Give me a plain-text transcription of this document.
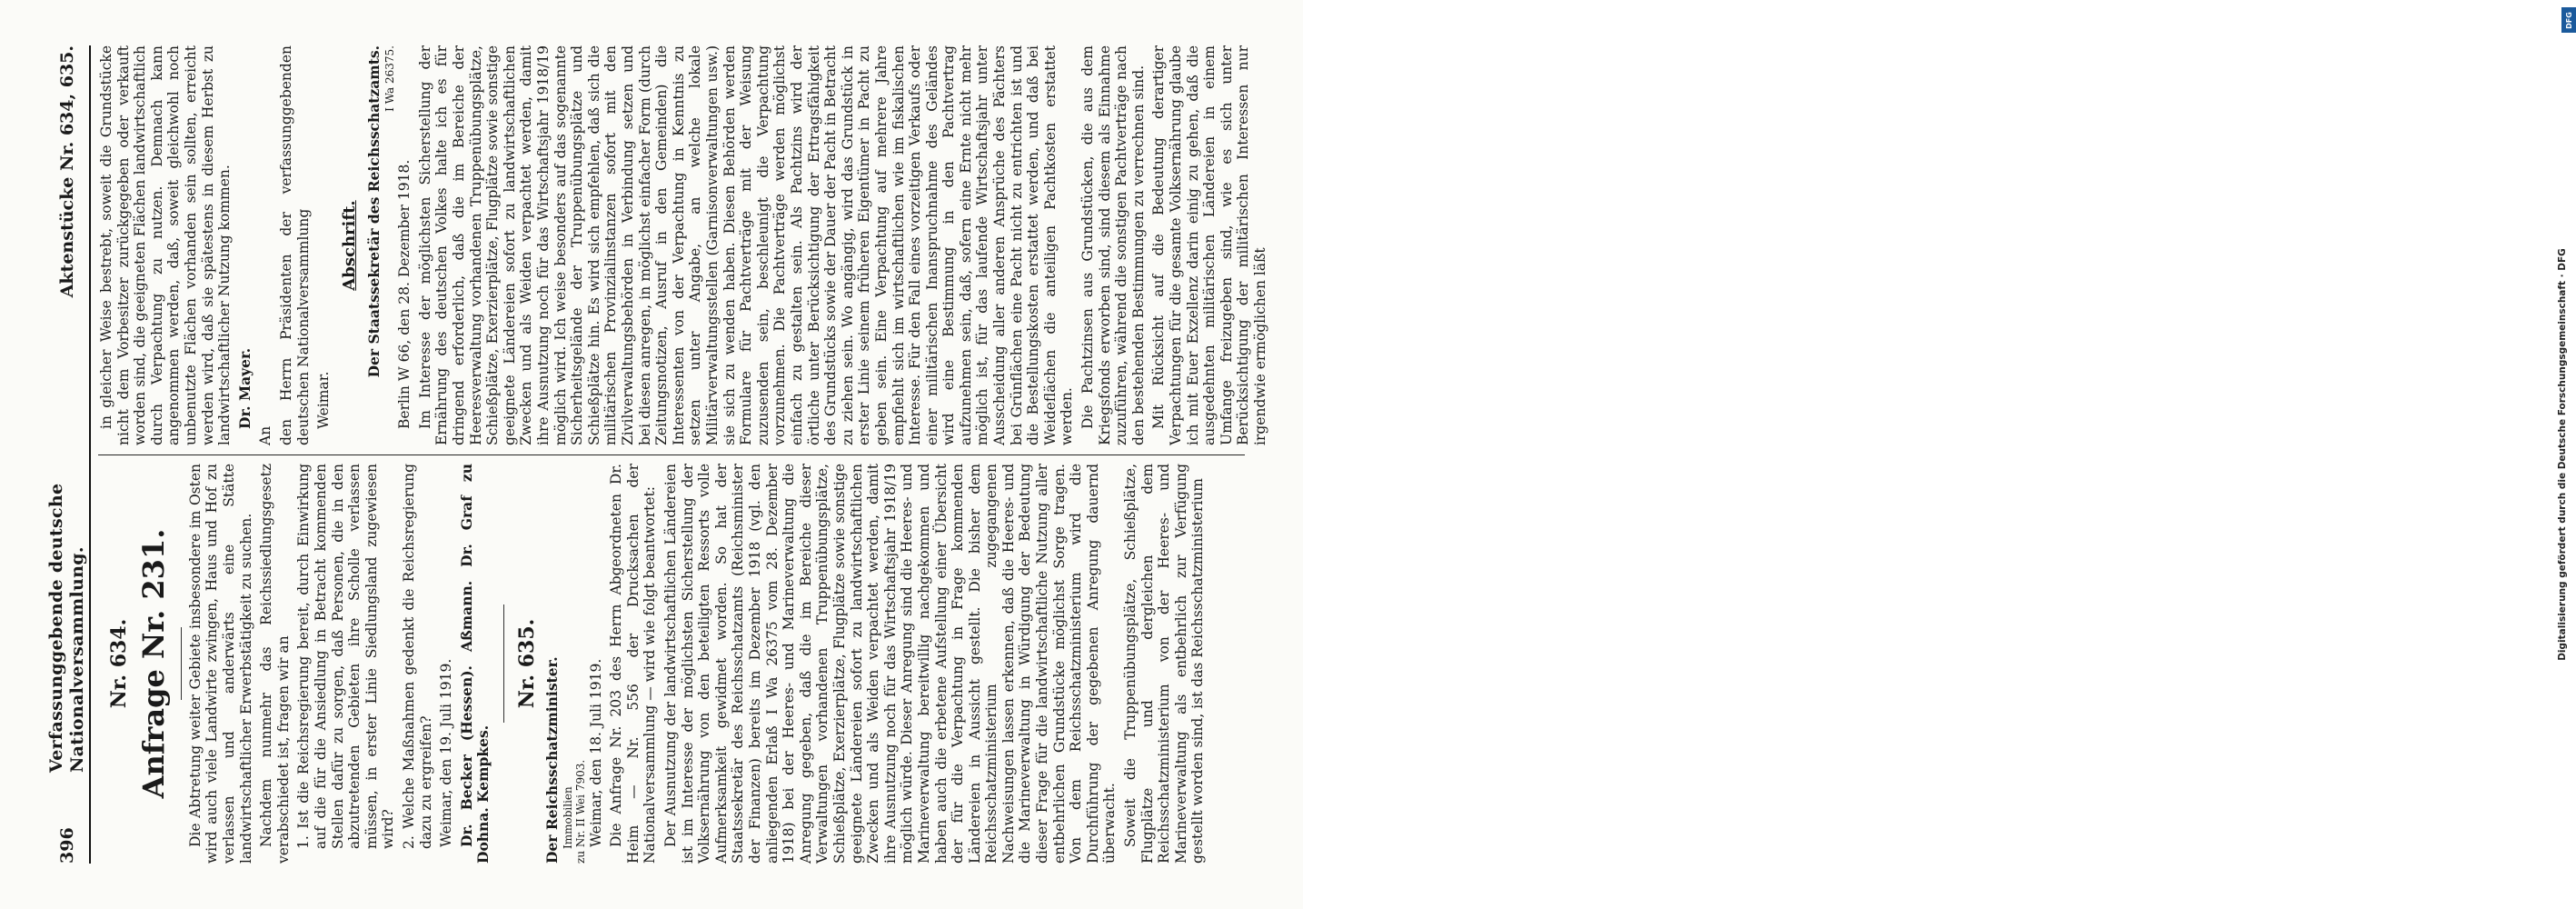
396
Verfassunggebende deutsche Nationalversammlung.
Aktenstücke Nr. 634, 635.
Nr. 634. Anfrage Nr. 231. Die Abtretung weiter Gebiete insbesondere im Osten wird auch viele Landwirte zwingen, Haus und Hof zu verlassen und anderwärts eine Stätte landwirtschaftlicher Erwerbstätigkeit zu suchen. Nachdem nunmehr das Reichssiedlungsgesetz verabschiedet ist, fragen wir an 1. Ist die Reichsregierung bereit, durch Einwirkung auf die für die Ansiedlung in Betracht kommenden Stellen dafür zu sorgen, daß Personen, die in den abzutretenden Gebieten ihre Scholle verlassen müssen, in erster Linie Siedlungsland zugewiesen wird? 2. Welche Maßnahmen gedenkt die Reichsregierung dazu zu ergreifen? Weimar, den 19. Juli 1919. Dr. Becker (Hessen). Aßmann. Dr. Graf zu Dohna. Kempkes.

Nr. 635. Der Reichsschatzminister. Immobilien zu Nr. II Wei 7903. Weimar, den 18. Juli 1919. Die Anfrage Nr. 203 des Herrn Abgeordneten Dr. Heim — Nr. 556 der Drucksachen der Nationalversammlung — wird wie folgt beantwortet: Der Ausnutzung der landwirtschaftlichen Ländereien ist im Interesse der möglichsten Sicherstellung der Volksernährung von den beteiligten Ressorts volle Aufmerksamkeit gewidmet worden. So hat der Staatssekretär des Reichsschatzamts (Reichsminister der Finanzen) bereits im Dezember 1918 (vgl. den anliegenden Erlaß I Wa 26375 vom 28. Dezember 1918) bei der Heeres- und Marineverwaltung die Anregung gegeben, daß die im Bereiche dieser Verwaltungen vorhandenen Truppenübungsplätze, Schießplätze, Exerzierplätze, Flugplätze sowie sonstige geeignete Ländereien sofort zu landwirtschaftlichen Zwecken und als Weiden verpachtet werden, damit ihre Ausnutzung noch für das Wirtschaftsjahr 1918/19 möglich würde. Dieser Anregung sind die Heeres- und Marineverwaltung bereitwillig nachgekommen und haben auch die erbetene Aufstellung einer Übersicht der für die Verpachtung in Frage kommenden Ländereien in Aussicht gestellt. Die bisher dem Reichsschatzministerium zugegangenen Nachweisungen lassen erkennen, daß die Heeres- und die Marineverwaltung in Würdigung der Bedeutung dieser Frage für die landwirtschaftliche Nutzung aller entbehrlichen Grundstücke möglichst Sorge tragen. Von dem Reichsschatzministerium wird die Durchführung der gegebenen Anregung dauernd überwacht. Soweit die Truppenübungsplätze, Schießplätze, Flugplätze und dergleichen dem Reichsschatzministerium von der Heeres- und Marineverwaltung als entbehrlich zur Verfügung gestellt worden sind, ist das Reichsschatzministerium

in gleicher Weise bestrebt, soweit die Grundstücke nicht dem Vorbesitzer zurückgegeben oder verkauft worden sind, die geeigneten Flächen landwirtschaftlich durch Verpachtung zu nutzen. Demnach kann angenommen werden, daß, soweit gleichwohl noch unbenutzte Flächen vorhanden sein sollten, erreicht werden wird, daß sie spätestens in diesem Herbst zu landwirtschaftlicher Nutzung kommen. Dr. Mayer.

An den Herrn Präsidenten der verfassunggebenden deutschen Nationalversammlung Weimar.

Abschrift. Der Staatssekretär des Reichsschatzamts. I Wa 26375.

Berlin W 66, den 28. Dezember 1918. Im Interesse der möglichsten Sicherstellung der Ernährung des deutschen Volkes halte ich es für dringend erforderlich, daß die im Bereiche der Heeresverwaltung vorhandenen Truppenübungsplätze, Schießplätze, Exerzierplätze, Flugplätze sowie sonstige geeignete Ländereien sofort zu landwirtschaftlichen Zwecken und als Weiden verpachtet werden, damit ihre Ausnutzung noch für das Wirtschaftsjahr 1918/19 möglich wird. Ich weise besonders auf das sogenannte Sicherheitsgelände der Truppenübungsplätze und Schießplätze hin. Es wird sich empfehlen, daß sich die militärischen Provinzialinstanzen sofort mit den Zivilverwaltungsbehörden in Verbindung setzen und bei diesen anregen, in möglichst einfacher Form (durch Zeitungsnotizen, Ausruf in den Gemeinden) die Interessenten von der Verpachtung in Kenntnis zu setzen unter Angabe, an welche lokale Militärverwaltungsstellen (Garnisonverwaltungen usw.) sie sich zu wenden haben. Diesen Behörden werden Formulare für Pachtverträge mit der Weisung zuzusenden sein, beschleunigt die Verpachtung vorzunehmen. Die Pachtverträge werden möglichst einfach zu gestalten sein. Als Pachtzins wird der örtliche unter Berücksichtigung der Ertragsfähigkeit des Grundstücks sowie der Dauer der Pacht in Betracht zu ziehen sein. Wo angängig, wird das Grundstück in erster Linie seinem früheren Eigentümer in Pacht zu geben sein. Eine Verpachtung auf mehrere Jahre empfiehlt sich im wirtschaftlichen wie im fiskalischen Interesse. Für den Fall eines vorzeitigen Verkaufs oder einer militärischen Inanspruchnahme des Geländes wird eine Bestimmung in den Pachtvertrag aufzunehmen sein, daß, sofern eine Ernte nicht mehr möglich ist, für das laufende Wirtschaftsjahr unter Ausscheidung aller anderen Ansprüche des Pächters bei Grünflächen eine Pacht nicht zu entrichten ist und die Bestellungskosten erstattet werden, und daß bei Weideflächen die anteiligen Pachtkosten erstattet werden. Die Pachtzinsen aus Grundstücken, die aus dem Kriegsfonds erworben sind, sind diesem als Einnahme zuzuführen, während die sonstigen Pachtverträge nach den bestehenden Bestimmungen zu verrechnen sind. Mit Rücksicht auf die Bedeutung derartiger Verpachtungen für die gesamte Volksernährung glaube ich mit Euer Exzellenz darin einig zu gehen, daß die ausgedehnten militärischen Ländereien in einem Umfange freizugeben sind, wie es sich unter Berücksichtigung der militärischen Interessen nur irgendwie ermöglichen läßt

DFG
Digitalisierung gefördert durch die Deutsche Forschungsgemeinschaft · DFG
